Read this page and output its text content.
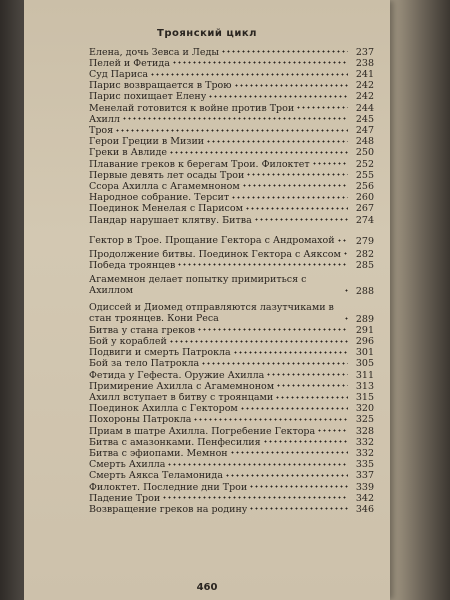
Троянский цикл
Елена, дочь Зевса и Леды	237
Пелей и Фетида	238
Суд Париса	241
Парис возвращается в Трою	242
Парис похищает Елену	242
Менелай готовится к войне против Трои	244
Ахилл	245
Троя	247
Герои Греции в Мизии	248
Греки в Авлиде	250
Плавание греков к берегам Трои. Филоктет	252
Первые девять лет осады Трои	255
Ссора Ахилла с Агамемноном	256
Народное собрание. Терсит	260
Поединок Менелая с Парисом	267
Пандар нарушает клятву. Битва	274
Гектор в Трое. Прощание Гектора с Андромахой	279
Продолжение битвы. Поединок Гектора с Аяксом	282
Победа троянцев	285
Агамемнон делает попытку примириться с Ахиллом	288
Одиссей и Диомед отправляются лазутчиками в стан троянцев. Кони Реса	289
Битва у стана греков	291
Бой у кораблей	296
Подвиги и смерть Патрокла	301
Бой за тело Патрокла	305
Фетида у Гефеста. Оружие Ахилла	311
Примирение Ахилла с Агамемноном	313
Ахилл вступает в битву с троянцами	315
Поединок Ахилла с Гектором	320
Похороны Патрокла	325
Приам в шатре Ахилла. Погребение Гектора	328
Битва с амазонками. Пенфесилия	332
Битва с эфиопами. Мемнон	332
Смерть Ахилла	335
Смерть Аякса Теламонида	337
Филоктет. Последние дни Трои	339
Падение Трои	342
Возвращение греков на родину	346
460
